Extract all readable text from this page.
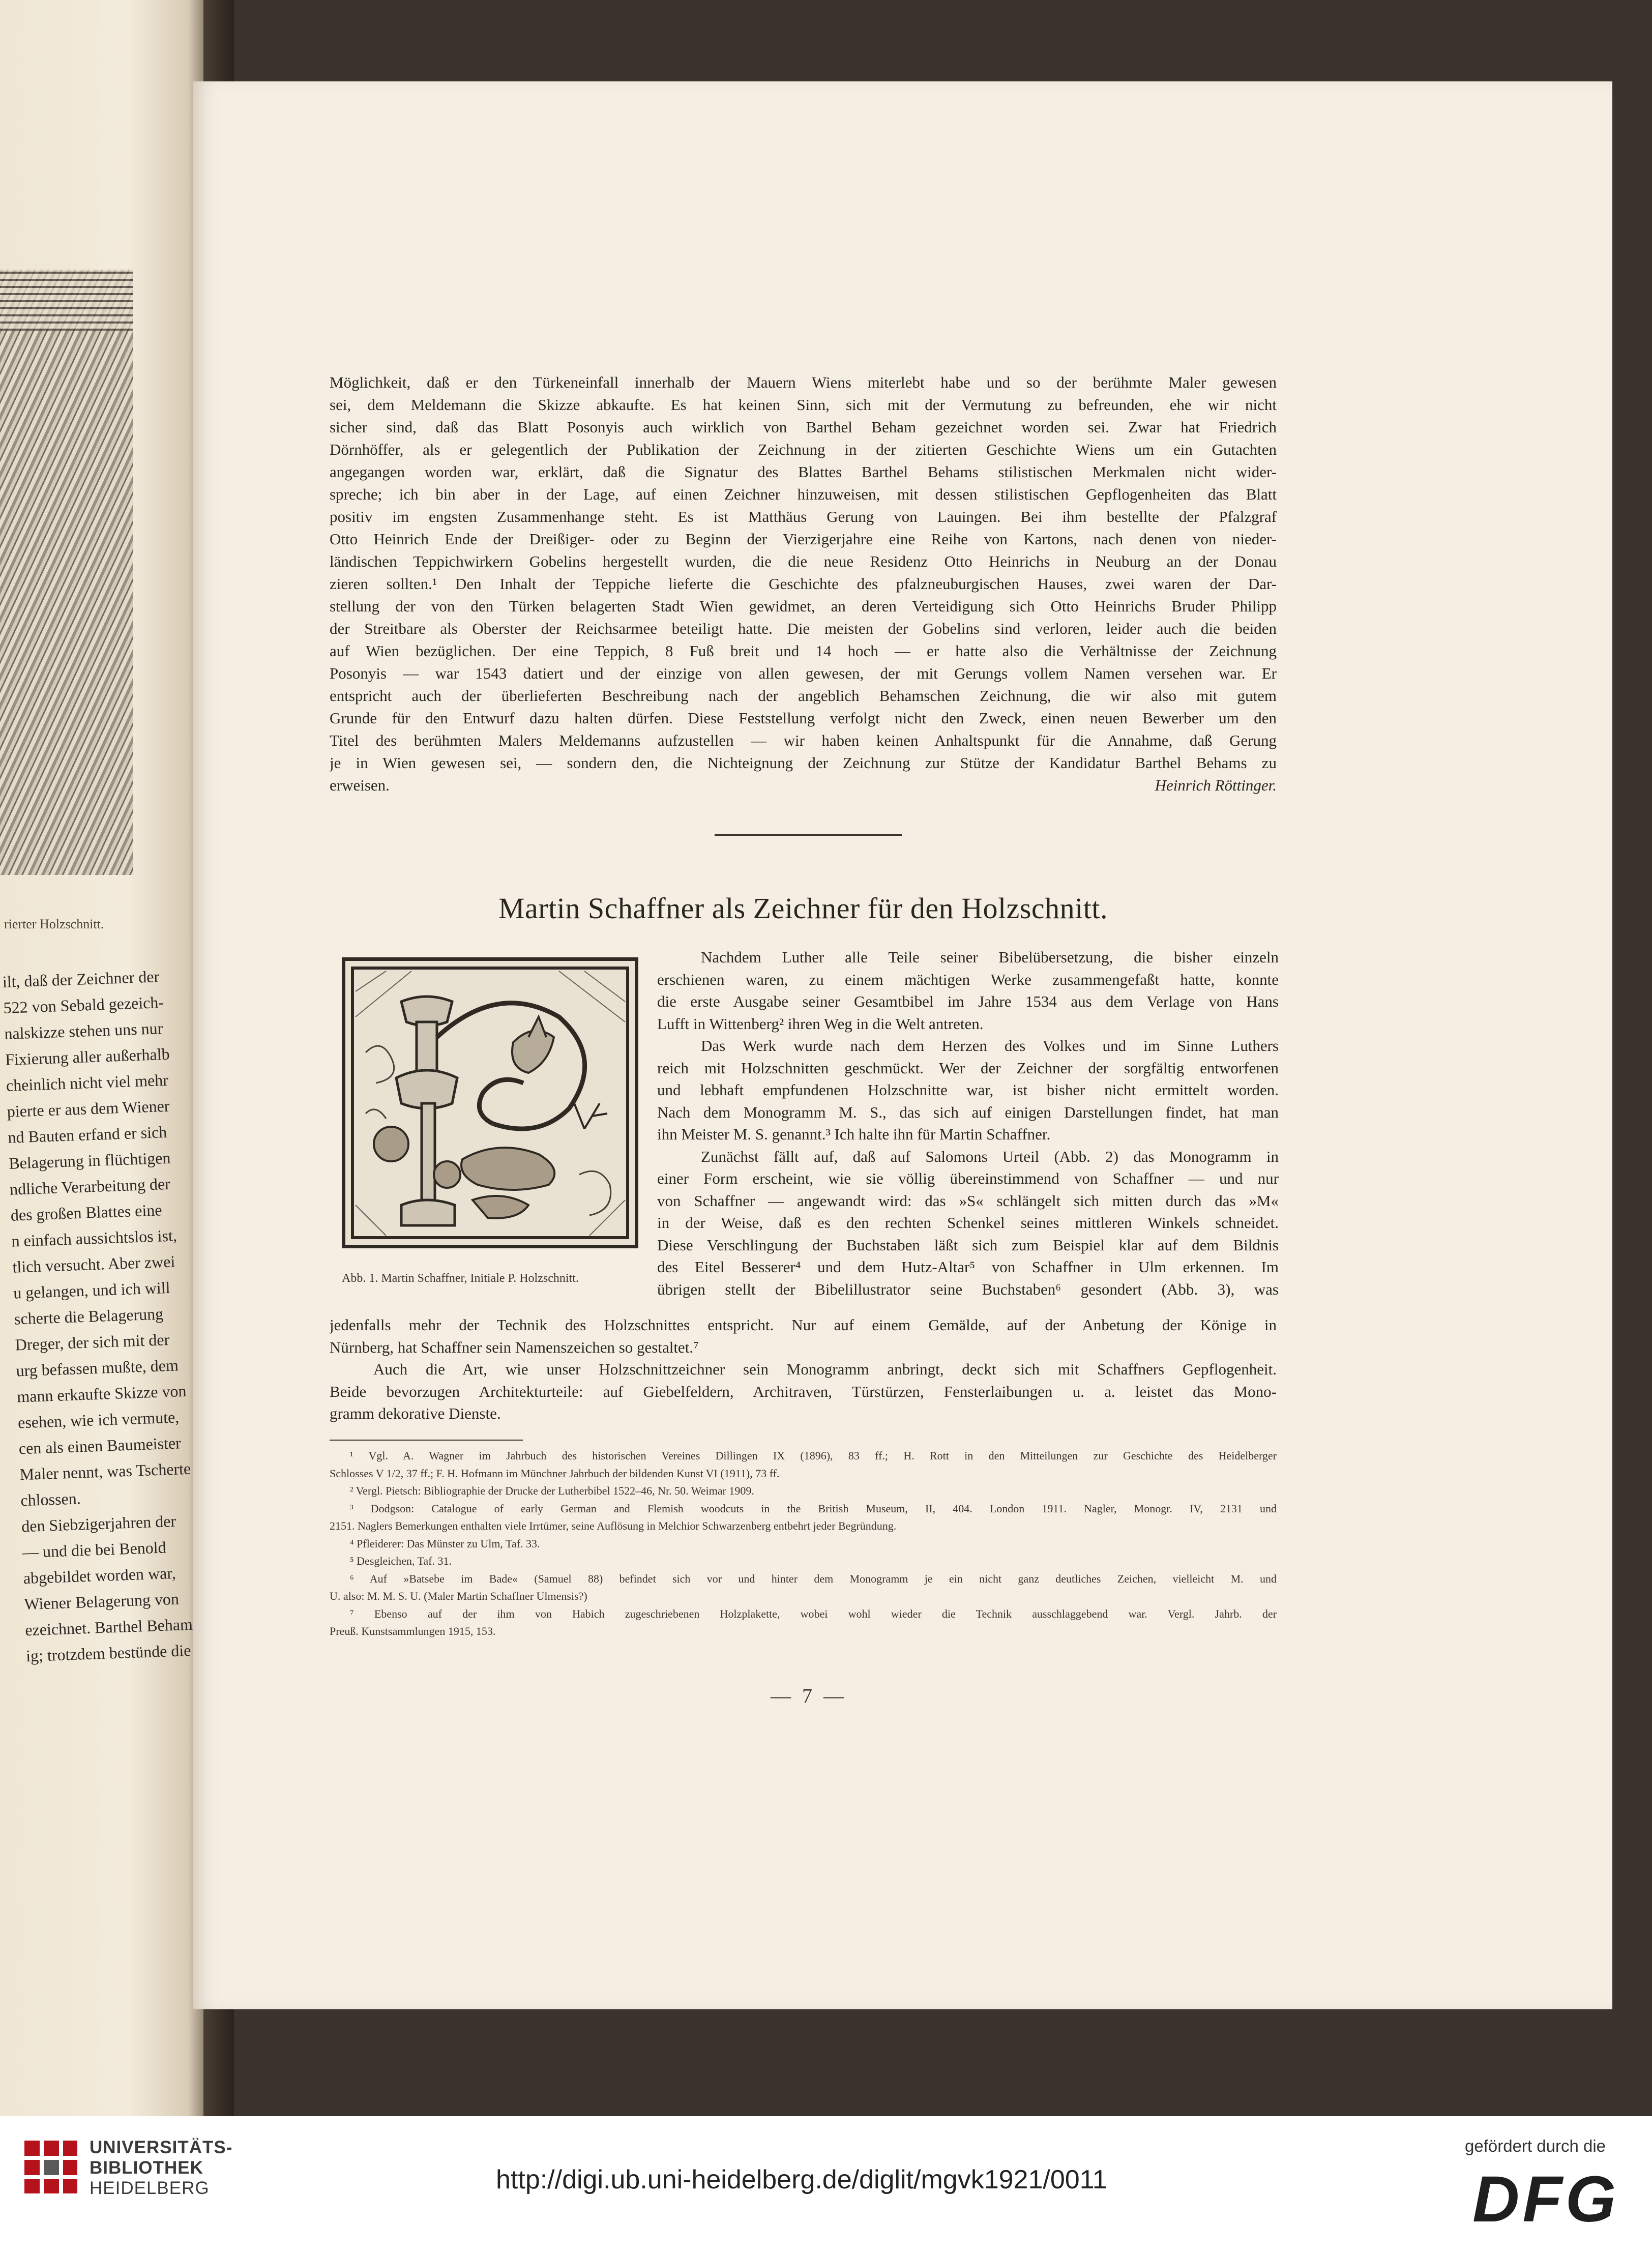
rierter Holzschnitt.
ilt, daß der Zeichner der
522 von Sebald gezeich-
nalskizze stehen uns nur
Fixierung aller außerhalb
cheinlich nicht viel mehr
pierte er aus dem Wiener
nd Bauten erfand er sich
Belagerung in flüchtigen
ndliche Verarbeitung der
des großen Blattes eine
n einfach aussichtslos ist,
tlich versucht. Aber zwei
u gelangen, und ich will
scherte die Belagerung
Dreger, der sich mit der
urg befassen mußte, dem
mann erkaufte Skizze von
esehen, wie ich vermute,
cen als einen Baumeister
Maler nennt, was Tscherte
chlossen.
den Siebzigerjahren der
— und die bei Benold
abgebildet worden war,
Wiener Belagerung von
ezeichnet. Barthel Beham
ig; trotzdem bestünde die
Möglichkeit, daß er den Türkeneinfall innerhalb der Mauern Wiens miterlebt habe und so der berühmte Maler gewesen
sei, dem Meldemann die Skizze abkaufte. Es hat keinen Sinn, sich mit der Vermutung zu befreunden, ehe wir nicht
sicher sind, daß das Blatt Posonyis auch wirklich von Barthel Beham gezeichnet worden sei. Zwar hat Friedrich
Dörnhöffer, als er gelegentlich der Publikation der Zeichnung in der zitierten Geschichte Wiens um ein Gutachten
angegangen worden war, erklärt, daß die Signatur des Blattes Barthel Behams stilistischen Merkmalen nicht wider-
spreche; ich bin aber in der Lage, auf einen Zeichner hinzuweisen, mit dessen stilistischen Gepflogenheiten das Blatt
positiv im engsten Zusammenhange steht. Es ist Matthäus Gerung von Lauingen. Bei ihm bestellte der Pfalzgraf
Otto Heinrich Ende der Dreißiger- oder zu Beginn der Vierzigerjahre eine Reihe von Kartons, nach denen von nieder-
ländischen Teppichwirkern Gobelins hergestellt wurden, die die neue Residenz Otto Heinrichs in Neuburg an der Donau
zieren sollten.¹ Den Inhalt der Teppiche lieferte die Geschichte des pfalzneuburgischen Hauses, zwei waren der Dar-
stellung der von den Türken belagerten Stadt Wien gewidmet, an deren Verteidigung sich Otto Heinrichs Bruder Philipp
der Streitbare als Oberster der Reichsarmee beteiligt hatte. Die meisten der Gobelins sind verloren, leider auch die beiden
auf Wien bezüglichen. Der eine Teppich, 8 Fuß breit und 14 hoch — er hatte also die Verhältnisse der Zeichnung
Posonyis — war 1543 datiert und der einzige von allen gewesen, der mit Gerungs vollem Namen versehen war. Er
entspricht auch der überlieferten Beschreibung nach der angeblich Behamschen Zeichnung, die wir also mit gutem
Grunde für den Entwurf dazu halten dürfen. Diese Feststellung verfolgt nicht den Zweck, einen neuen Bewerber um den
Titel des berühmten Malers Meldemanns aufzustellen — wir haben keinen Anhaltspunkt für die Annahme, daß Gerung
je in Wien gewesen sei, — sondern den, die Nichteignung der Zeichnung zur Stütze der Kandidatur Barthel Behams zu
erweisen.	Heinrich Röttinger.
Martin Schaffner als Zeichner für den Holzschnitt.
Abb. 1. Martin Schaffner, Initiale P. Holzschnitt.
Nachdem Luther alle Teile seiner Bibelübersetzung, die bisher einzeln
erschienen waren, zu einem mächtigen Werke zusammengefaßt hatte, konnte
die erste Ausgabe seiner Gesamtbibel im Jahre 1534 aus dem Verlage von Hans
Lufft in Wittenberg² ihren Weg in die Welt antreten.
Das Werk wurde nach dem Herzen des Volkes und im Sinne Luthers
reich mit Holzschnitten geschmückt. Wer der Zeichner der sorgfältig entworfenen
und lebhaft empfundenen Holzschnitte war, ist bisher nicht ermittelt worden.
Nach dem Monogramm M. S., das sich auf einigen Darstellungen findet, hat man
ihn Meister M. S. genannt.³ Ich halte ihn für Martin Schaffner.
Zunächst fällt auf, daß auf Salomons Urteil (Abb. 2) das Monogramm in
einer Form erscheint, wie sie völlig übereinstimmend von Schaffner — und nur
von Schaffner — angewandt wird: das »S« schlängelt sich mitten durch das »M«
in der Weise, daß es den rechten Schenkel seines mittleren Winkels schneidet.
Diese Verschlingung der Buchstaben läßt sich zum Beispiel klar auf dem Bildnis
des Eitel Besserer⁴ und dem Hutz-Altar⁵ von Schaffner in Ulm erkennen. Im
übrigen stellt der Bibelillustrator seine Buchstaben⁶ gesondert (Abb. 3), was
jedenfalls mehr der Technik des Holzschnittes entspricht. Nur auf einem Gemälde, auf der Anbetung der Könige in
Nürnberg, hat Schaffner sein Namenszeichen so gestaltet.⁷
Auch die Art, wie unser Holzschnittzeichner sein Monogramm anbringt, deckt sich mit Schaffners Gepflogenheit.
Beide bevorzugen Architekturteile: auf Giebelfeldern, Architraven, Türstürzen, Fensterlaibungen u. a. leistet das Mono-
gramm dekorative Dienste.
¹ Vgl. A. Wagner im Jahrbuch des historischen Vereines Dillingen IX (1896), 83 ff.; H. Rott in den Mitteilungen zur Geschichte des Heidelberger
Schlosses V 1/2, 37 ff.; F. H. Hofmann im Münchner Jahrbuch der bildenden Kunst VI (1911), 73 ff.
² Vergl. Pietsch: Bibliographie der Drucke der Lutherbibel 1522–46, Nr. 50. Weimar 1909.
³ Dodgson: Catalogue of early German and Flemish woodcuts in the British Museum, II, 404. London 1911. Nagler, Monogr. IV, 2131 und
2151. Naglers Bemerkungen enthalten viele Irrtümer, seine Auflösung in Melchior Schwarzenberg entbehrt jeder Begründung.
⁴ Pfleiderer: Das Münster zu Ulm, Taf. 33.
⁵ Desgleichen, Taf. 31.
⁶ Auf »Batsebe im Bade« (Samuel 88) befindet sich vor und hinter dem Monogramm je ein nicht ganz deutliches Zeichen, vielleicht M. und
U. also: M. M. S. U. (Maler Martin Schaffner Ulmensis?)
⁷ Ebenso auf der ihm von Habich zugeschriebenen Holzplakette, wobei wohl wieder die Technik ausschlaggebend war. Vergl. Jahrb. der
Preuß. Kunstsammlungen 1915, 153.
— 7 —
UNIVERSITÄTS-
BIBLIOTHEK
HEIDELBERG	http://digi.ub.uni-heidelberg.de/diglit/mgvk1921/0011
gefördert durch die
DFG
